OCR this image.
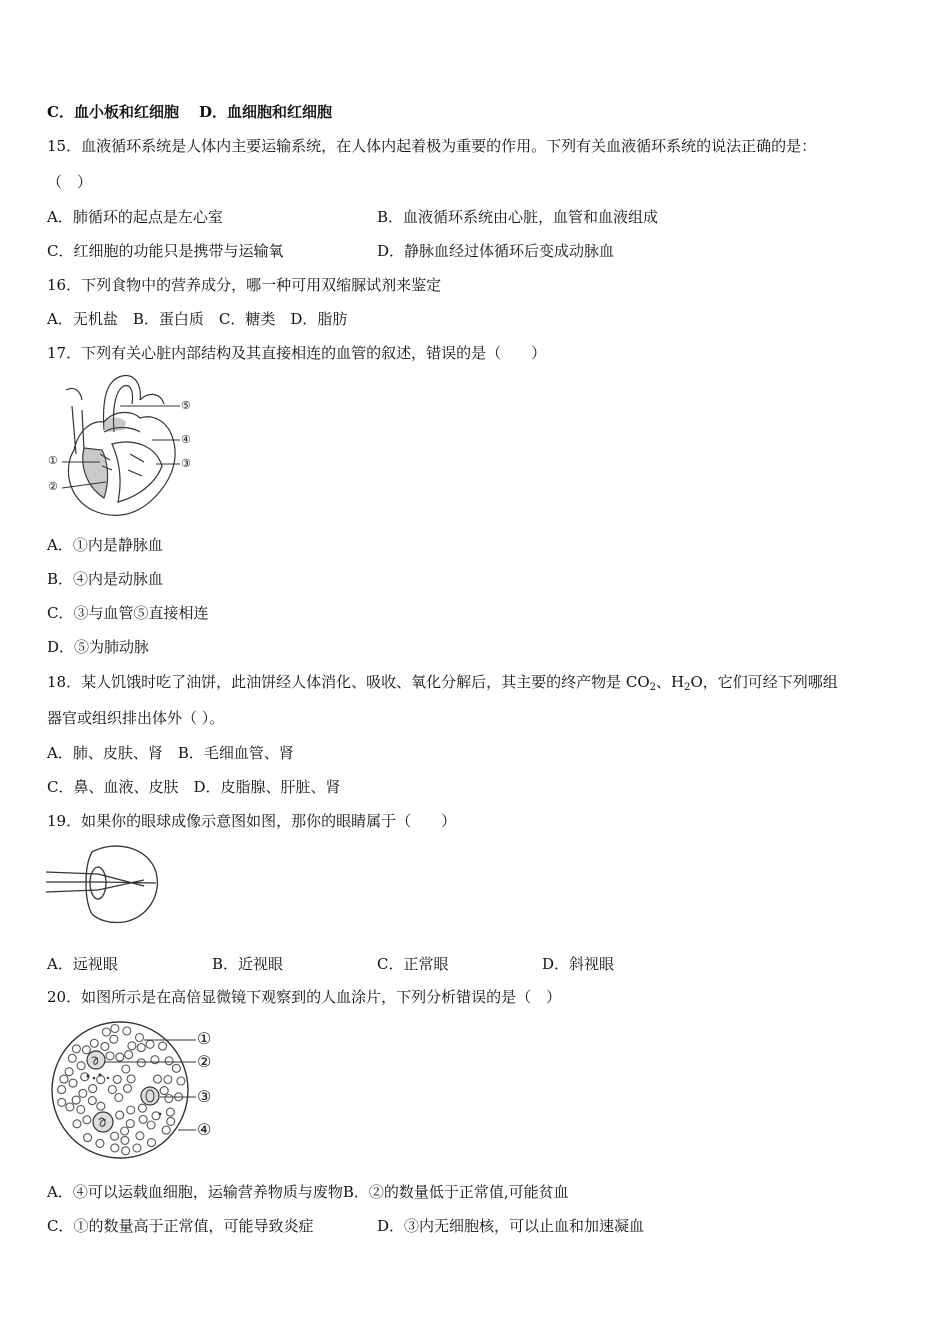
C．血小板和红细胞 D．血细胞和红细胞
15．血液循环系统是人体内主要运输系统，在人体内起着极为重要的作用。下列有关血液循环系统的说法正确的是：
（　）
A．肺循环的起点是左心室	B．血液循环系统由心脏，血管和血液组成
C．红细胞的功能只是携带与运输氧	D．静脉血经过体循环后变成动脉血
16．下列食物中的营养成分，哪一种可用双缩脲试剂来鉴定
A．无机盐　B．蛋白质　C．糖类　D．脂肪
17．下列有关心脏内部结构及其直接相连的血管的叙述，错误的是（　　）
①
②
⑤
④
③
A．①内是静脉血
B．④内是动脉血
C．③与血管⑤直接相连
D．⑤为肺动脉
18．某人饥饿时吃了油饼，此油饼经人体消化、吸收、氧化分解后，其主要的终产物是 $CO_2$、$H_2O$，它们可经下列哪组
器官或组织排出体外（ ）。
A．肺、皮肤、肾　B．毛细血管、肾
C．鼻、血液、皮肤　D．皮脂腺、肝脏、肾
19．如果你的眼球成像示意图如图，那你的眼睛属于（　　）
A．远视眼	B．近视眼	C．正常眼	D．斜视眼
20．如图所示是在高倍显微镜下观察到的人血涂片，下列分析错误的是（　）
①
②
③
④
A．④可以运载血细胞，运输营养物质与废物B．②的数量低于正常值,可能贫血
C．①的数量高于正常值，可能导致炎症	D．③内无细胞核，可以止血和加速凝血
